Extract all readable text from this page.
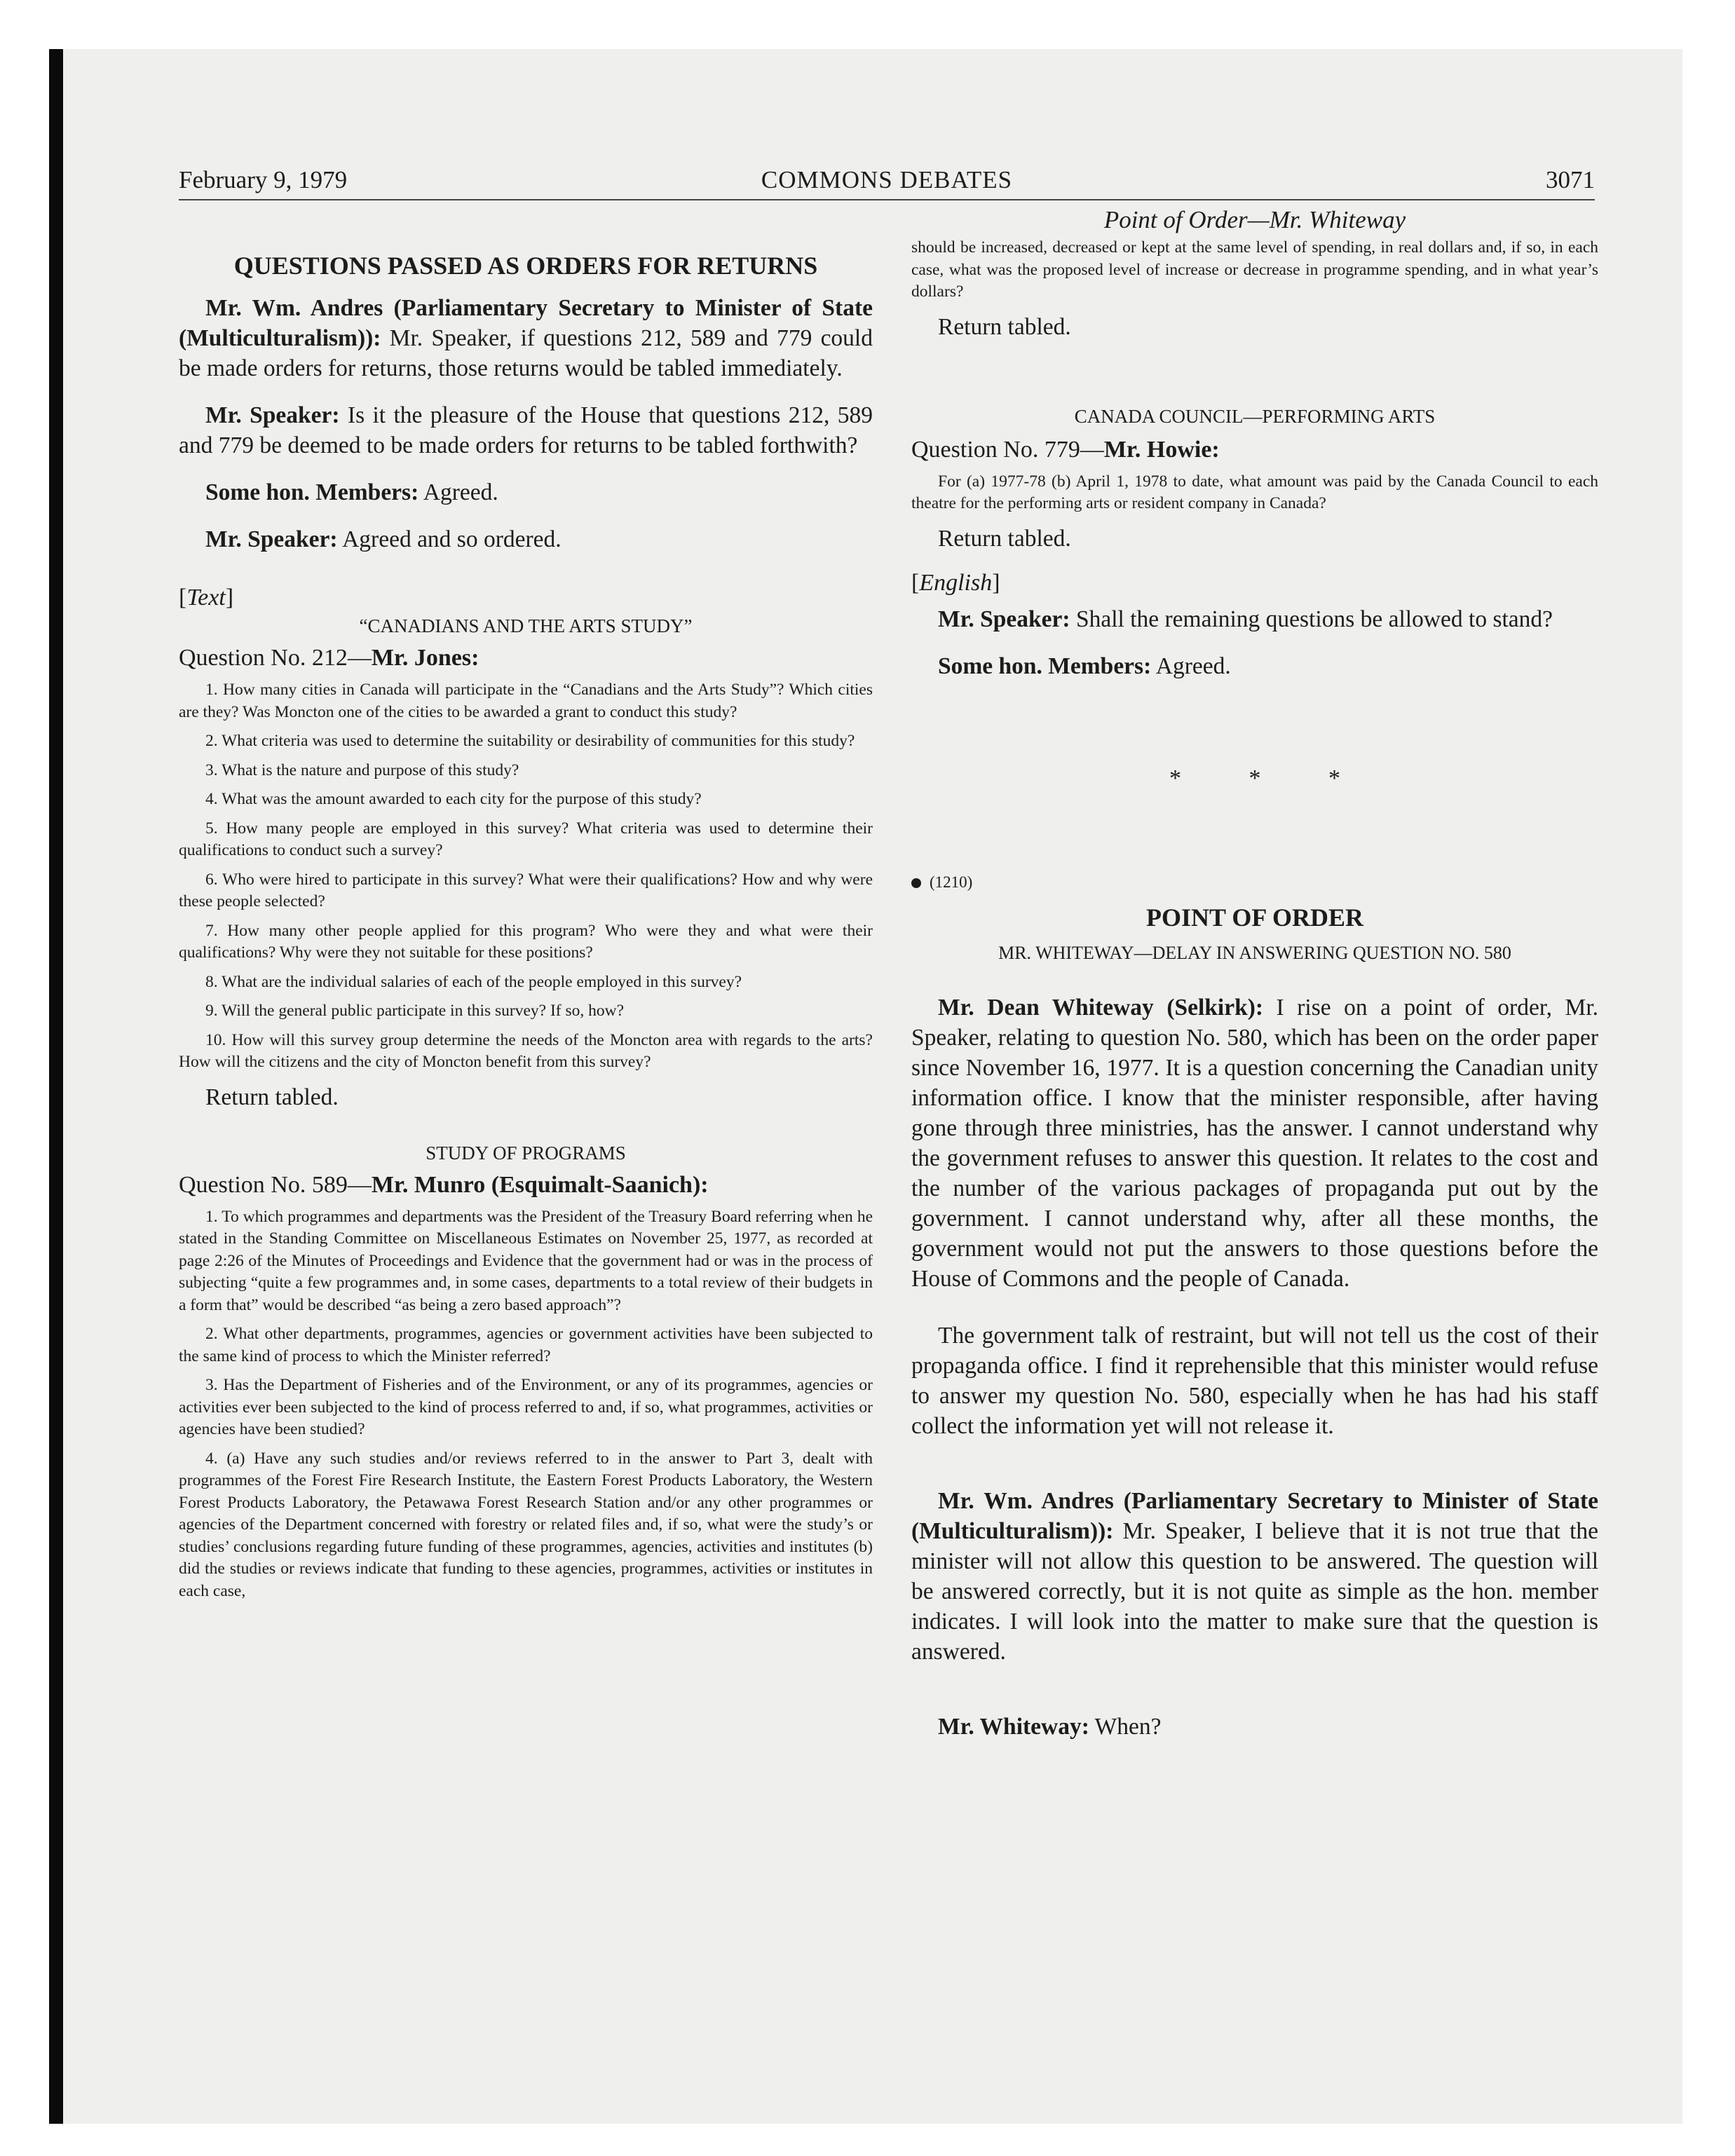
February 9, 1979	COMMONS DEBATES	3071

QUESTIONS PASSED AS ORDERS FOR RETURNS

Mr. Wm. Andres (Parliamentary Secretary to Minister of State (Multiculturalism)): Mr. Speaker, if questions 212, 589 and 779 could be made orders for returns, those returns would be tabled immediately.

Mr. Speaker: Is it the pleasure of the House that questions 212, 589 and 779 be deemed to be made orders for returns to be tabled forthwith?

Some hon. Members: Agreed.

Mr. Speaker: Agreed and so ordered.

[Text]

“CANADIANS AND THE ARTS STUDY”

Question No. 212—Mr. Jones:

1. How many cities in Canada will participate in the “Canadians and the Arts Study”? Which cities are they? Was Moncton one of the cities to be awarded a grant to conduct this study?

2. What criteria was used to determine the suitability or desirability of communities for this study?

3. What is the nature and purpose of this study?

4. What was the amount awarded to each city for the purpose of this study?

5. How many people are employed in this survey? What criteria was used to determine their qualifications to conduct such a survey?

6. Who were hired to participate in this survey? What were their qualifications? How and why were these people selected?

7. How many other people applied for this program? Who were they and what were their qualifications? Why were they not suitable for these positions?

8. What are the individual salaries of each of the people employed in this survey?

9. Will the general public participate in this survey? If so, how?

10. How will this survey group determine the needs of the Moncton area with regards to the arts? How will the citizens and the city of Moncton benefit from this survey?

Return tabled.

STUDY OF PROGRAMS

Question No. 589—Mr. Munro (Esquimalt-Saanich):

1. To which programmes and departments was the President of the Treasury Board referring when he stated in the Standing Committee on Miscellaneous Estimates on November 25, 1977, as recorded at page 2:26 of the Minutes of Proceedings and Evidence that the government had or was in the process of subjecting “quite a few programmes and, in some cases, departments to a total review of their budgets in a form that” would be described “as being a zero based approach”?

2. What other departments, programmes, agencies or government activities have been subjected to the same kind of process to which the Minister referred?

3. Has the Department of Fisheries and of the Environment, or any of its programmes, agencies or activities ever been subjected to the kind of process referred to and, if so, what programmes, activities or agencies have been studied?

4. (a) Have any such studies and/or reviews referred to in the answer to Part 3, dealt with programmes of the Forest Fire Research Institute, the Eastern Forest Products Laboratory, the Western Forest Products Laboratory, the Petawawa Forest Research Station and/or any other programmes or agencies of the Department concerned with forestry or related files and, if so, what were the study’s or studies’ conclusions regarding future funding of these programmes, agencies, activities and institutes (b) did the studies or reviews indicate that funding to these agencies, programmes, activities or institutes in each case,

Point of Order—Mr. Whiteway

should be increased, decreased or kept at the same level of spending, in real dollars and, if so, in each case, what was the proposed level of increase or decrease in programme spending, and in what year’s dollars?

Return tabled.

CANADA COUNCIL—PERFORMING ARTS

Question No. 779—Mr. Howie:

For (a) 1977-78 (b) April 1, 1978 to date, what amount was paid by the Canada Council to each theatre for the performing arts or resident company in Canada?

Return tabled.

[English]

Mr. Speaker: Shall the remaining questions be allowed to stand?

Some hon. Members: Agreed.

* * *

(1210)

POINT OF ORDER

MR. WHITEWAY—DELAY IN ANSWERING QUESTION NO. 580

Mr. Dean Whiteway (Selkirk): I rise on a point of order, Mr. Speaker, relating to question No. 580, which has been on the order paper since November 16, 1977. It is a question concerning the Canadian unity information office. I know that the minister responsible, after having gone through three ministries, has the answer. I cannot understand why the government refuses to answer this question. It relates to the cost and the number of the various packages of propaganda put out by the government. I cannot understand why, after all these months, the government would not put the answers to those questions before the House of Commons and the people of Canada.

The government talk of restraint, but will not tell us the cost of their propaganda office. I find it reprehensible that this minister would refuse to answer my question No. 580, especially when he has had his staff collect the information yet will not release it.

Mr. Wm. Andres (Parliamentary Secretary to Minister of State (Multiculturalism)): Mr. Speaker, I believe that it is not true that the minister will not allow this question to be answered. The question will be answered correctly, but it is not quite as simple as the hon. member indicates. I will look into the matter to make sure that the question is answered.

Mr. Whiteway: When?
